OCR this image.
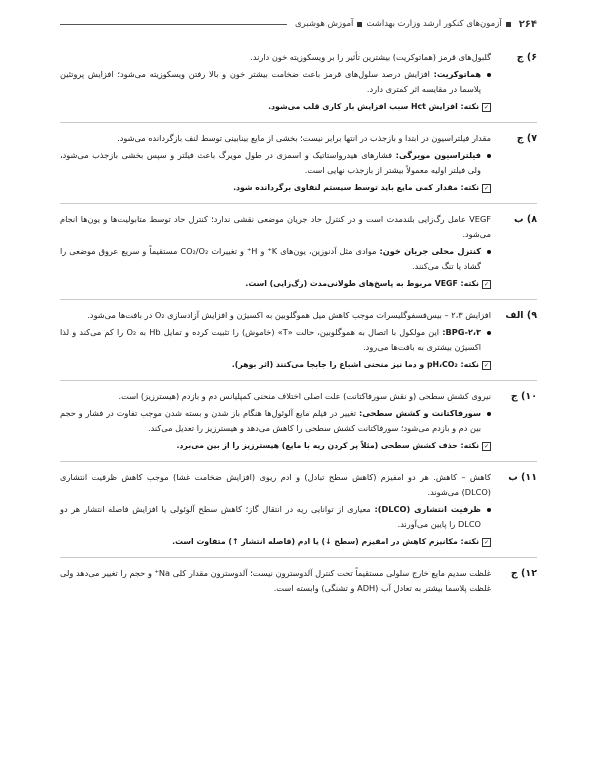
۲۶۴
آزمون‌های کنکور ارشد وزارت بهداشت
آموزش هوشبری
۶) ج

گلبول‌های قرمز (هماتوکریت) بیشترین تأثیر را بر ویسکوزیته خون دارند.

هماتوکریت: افزایش درصد سلول‌های قرمز باعث ضخامت بیشتر خون و بالا رفتن ویسکوزیته می‌شود؛ افزایش پروتئین پلاسما در مقایسه اثر کمتری دارد.

✓
نکته: افزایش Hct سبب افزایش بار کاری قلب می‌شود.
۷) ج

مقدار فیلتراسیون در ابتدا و بازجذب در انتها برابر نیست؛ بخشی از مایع بینابینی توسط لنف بازگردانده می‌شود.

فیلتراسیون مویرگی: فشارهای هیدرواستاتیک و اسمزی در طول مویرگ باعث فیلتر و سپس بخشی بازجذب می‌شود، ولی فیلتر اولیه معمولاً بیشتر از بازجذب نهایی است.

✓
نکته: مقدار کمی مایع باید توسط سیستم لنفاوی برگردانده شود.
۸) ب

VEGF عامل رگ‌زایی بلندمدت است و در کنترل حاد جریان موضعی نقشی ندارد؛ کنترل حاد توسط متابولیت‌ها و یون‌ها انجام می‌شود.

کنترل محلی جریان خون: موادی مثل آدنوزین، یون‌های K⁺ و H⁺ و تغییرات CO₂/O₂ مستقیماً و سریع عروق موضعی را گشاد یا تنگ می‌کنند.

✓
نکته: VEGF مربوط به پاسخ‌های طولانی‌مدت (رگ‌زایی) است.
۹) الف

افزایش ۲،۳ – بیس‌فسفوگلیسرات موجب کاهش میل هموگلوبین به اکسیژن و افزایش آزادسازی O₂ در بافت‌ها می‌شود.

BPG-۲،۳: این مولکول با اتصال به هموگلوبین، حالت «T» (خاموش) را تثبیت کرده و تمایل Hb به O₂ را کم می‌کند و لذا اکسیژن بیشتری به بافت‌ها می‌رود.

✓
نکته: pH،CO₂ و دما نیز منحنی اشباع را جابجا می‌کنند (اثر بوهر).
۱۰) ج

نیروی کشش سطحی (و نقش سورفاکتانت) علت اصلی اختلاف منحنی کمپلیانس دم و بازدم (هیسترزیز) است.

سورفاکتانت و کشش سطحی: تغییر در فیلم مایع آلوئول‌ها هنگام باز شدن و بسته شدن موجب تفاوت در فشار و حجم بین دم و بازدم می‌شود؛ سورفاکتانت کشش سطحی را کاهش می‌دهد و هیسترزیز را تعدیل می‌کند.

✓
نکته: حذف کشش سطحی (مثلاً پر کردن ریه با مایع) هیسترزیز را از بین می‌برد.
۱۱) ب

کاهش – کاهش. هر دو امفیزم (کاهش سطح تبادل) و ادم ریوی (افزایش ضخامت غشا) موجب کاهش ظرفیت انتشاری (DLCO) می‌شوند.

ظرفیت انتشاری (DLCO): معیاری از توانایی ریه در انتقال گاز؛ کاهش سطح آلوئولی یا افزایش فاصله انتشار هر دو DLCO را پایین می‌آورند.

✓
نکته: مکانیزم کاهش در امفیزم (سطح ↓) یا ادم (فاصله انتشار ↑) متفاوت است.
۱۲) ج

غلظت سدیم مایع خارج سلولی مستقیماً تحت کنترل آلدوسترون نیست؛ آلدوسترون مقدار کلی Na⁺ و حجم را تغییر می‌دهد ولی غلظت پلاسما بیشتر به تعادل آب (ADH و تشنگی) وابسته است.
